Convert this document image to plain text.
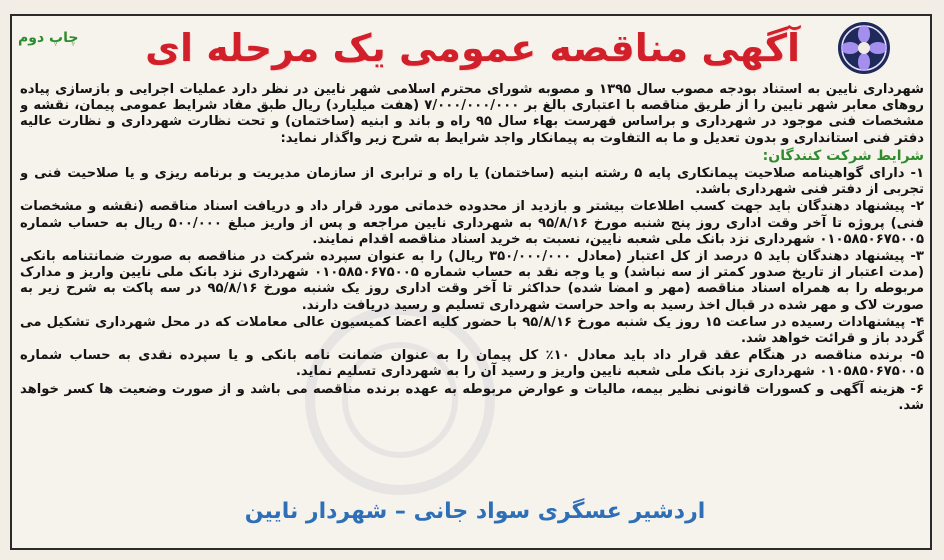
چاپ دوم آگهی مناقصه عمومی یک مرحله ای

شهرداری نایین به استناد بودجه مصوب سال ۱۳۹۵ و مصوبه شورای محترم اسلامی شهر نایین در نظر دارد عملیات اجرایی و بازسازی پیاده روهای معابر شهر نایین را از طریق مناقصه با اعتباری بالغ بر ۷/۰۰۰/۰۰۰/۰۰۰ (هفت میلیارد) ریال طبق مفاد شرایط عمومی پیمان، نقشه و مشخصات فنی موجود در شهرداری و براساس فهرست بهاء سال ۹۵ راه و باند و ابنیه (ساختمان) و تحت نظارت شهرداری و نظارت عالیه دفتر فنی استانداری و بدون تعدیل و ما به التفاوت به پیمانکار واجد شرایط به شرح زیر واگذار نماید:

شرایط شرکت کنندگان:

۱- دارای گواهینامه صلاحیت پیمانکاری پایه ۵ رشته ابنیه (ساختمان) یا راه و ترابری از سازمان مدیریت و برنامه ریزی و یا صلاحیت فنی و تجربی از دفتر فنی شهرداری باشد.

۲- پیشنهاد دهندگان باید جهت کسب اطلاعات بیشتر و بازدید از محدوده خدماتی مورد قرار داد و دریافت اسناد مناقصه (نقشه و مشخصات فنی) پروژه تا آخر وقت اداری روز پنج شنبه مورخ ۹۵/۸/۱۶ به شهرداری نایین مراجعه و پس از واریز مبلغ ۵۰۰/۰۰۰ ریال به حساب شماره ۰۱۰۵۸۵۰۶۷۵۰۰۵ شهرداری نزد بانک ملی شعبه نایین، نسبت به خرید اسناد مناقصه اقدام نمایند.

۳- پیشنهاد دهندگان باید ۵ درصد از کل اعتبار (معادل ۳۵۰/۰۰۰/۰۰۰ ریال) را به عنوان سپرده شرکت در مناقصه به صورت ضمانتنامه بانکی (مدت اعتبار از تاریخ صدور کمتر از سه نباشد) و یا وجه نقد به حساب شماره ۰۱۰۵۸۵۰۶۷۵۰۰۵ شهرداری نزد بانک ملی نایین واریز و مدارک مربوطه را به همراه اسناد مناقصه (مهر و امضا شده) حداکثر تا آخر وقت اداری روز یک شنبه مورخ ۹۵/۸/۱۶ در سه پاکت به شرح زیر به صورت لاک و مهر شده در قبال اخذ رسید به واحد حراست شهرداری تسلیم و رسید دریافت دارند.

۴- پیشنهادات رسیده در ساعت ۱۵ روز یک شنبه مورخ ۹۵/۸/۱۶ با حضور کلیه اعضا کمیسیون عالی معاملات که در محل شهرداری تشکیل می گردد باز و قرائت خواهد شد.

۵- برنده مناقصه در هنگام عقد قرار داد باید معادل ۱۰٪ کل پیمان را به عنوان ضمانت نامه بانکی و یا سپرده نقدی به حساب شماره ۰۱۰۵۸۵۰۶۷۵۰۰۵ شهرداری نزد بانک ملی شعبه نایین واریز و رسید آن را به شهرداری تسلیم نماید.

۶- هزینه آگهی و کسورات قانونی نظیر بیمه، مالیات و عوارض مربوطه به عهده برنده مناقصه می باشد و از صورت وضعیت ها کسر خواهد شد.

اردشیر عسگری سواد جانی – شهردار نایین
